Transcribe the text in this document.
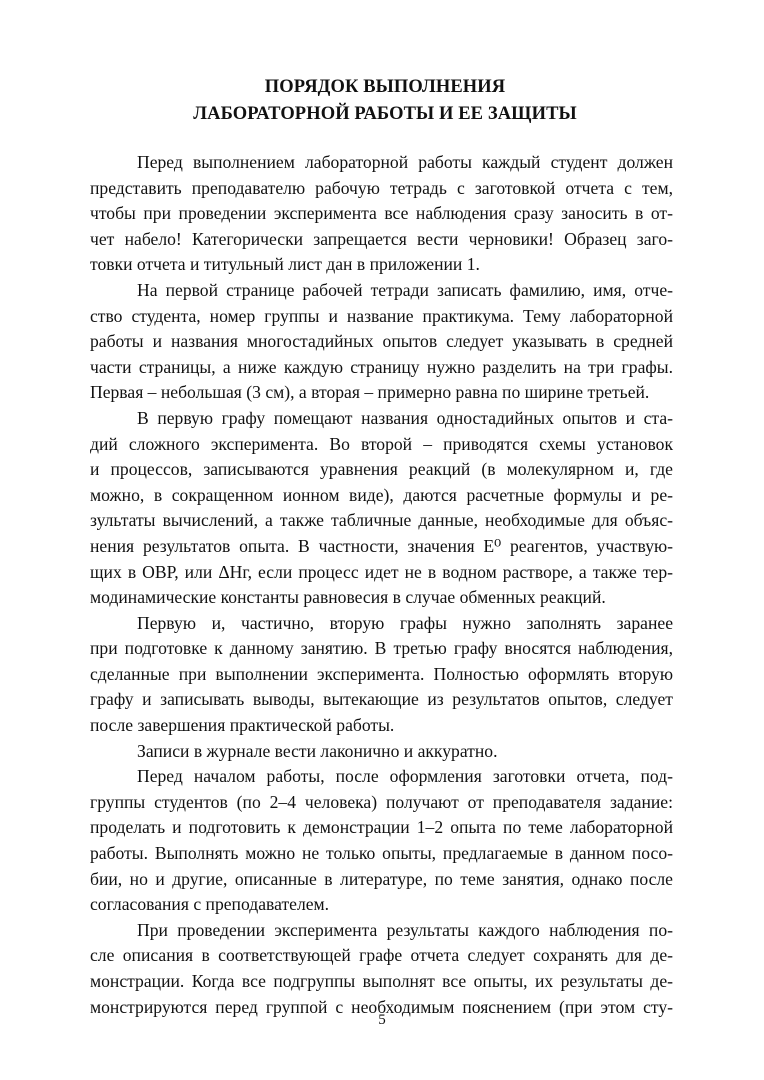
ПОРЯДОК ВЫПОЛНЕНИЯ
ЛАБОРАТОРНОЙ РАБОТЫ И ЕЕ ЗАЩИТЫ
Перед выполнением лабораторной работы каждый студент должен
представить преподавателю рабочую тетрадь с заготовкой отчета с тем,
чтобы при проведении эксперимента все наблюдения сразу заносить в от-
чет набело! Категорически запрещается вести черновики! Образец заго-
товки отчета и титульный лист дан в приложении 1.
На первой странице рабочей тетради записать фамилию, имя, отче-
ство студента, номер группы и название практикума. Тему лабораторной
работы и названия многостадийных опытов следует указывать в средней
части страницы, а ниже каждую страницу нужно разделить на три графы.
Первая – небольшая (3 см), а вторая – примерно равна по ширине третьей.
В первую графу помещают названия одностадийных опытов и ста-
дий сложного эксперимента. Во второй – приводятся схемы установок
и процессов, записываются уравнения реакций (в молекулярном и, где
можно, в сокращенном ионном виде), даются расчетные формулы и ре-
зультаты вычислений, а также табличные данные, необходимые для объяс-
нения результатов опыта. В частности, значения E⁰ реагентов, участвую-
щих в ОВР, или ΔHг, если процесс идет не в водном растворе, а также тер-
модинамические константы равновесия в случае обменных реакций.
Первую и, частично, вторую графы нужно заполнять заранее
при подготовке к данному занятию. В третью графу вносятся наблюдения,
сделанные при выполнении эксперимента. Полностью оформлять вторую
графу и записывать выводы, вытекающие из результатов опытов, следует
после завершения практической работы.
Записи в журнале вести лаконично и аккуратно.
Перед началом работы, после оформления заготовки отчета, под-
группы студентов (по 2–4 человека) получают от преподавателя задание:
проделать и подготовить к демонстрации 1–2 опыта по теме лабораторной
работы. Выполнять можно не только опыты, предлагаемые в данном посо-
бии, но и другие, описанные в литературе, по теме занятия, однако после
согласования с преподавателем.
При проведении эксперимента результаты каждого наблюдения по-
сле описания в соответствующей графе отчета следует сохранять для де-
монстрации. Когда все подгруппы выполнят все опыты, их результаты де-
монстрируются перед группой с необходимым пояснением (при этом сту-
5
